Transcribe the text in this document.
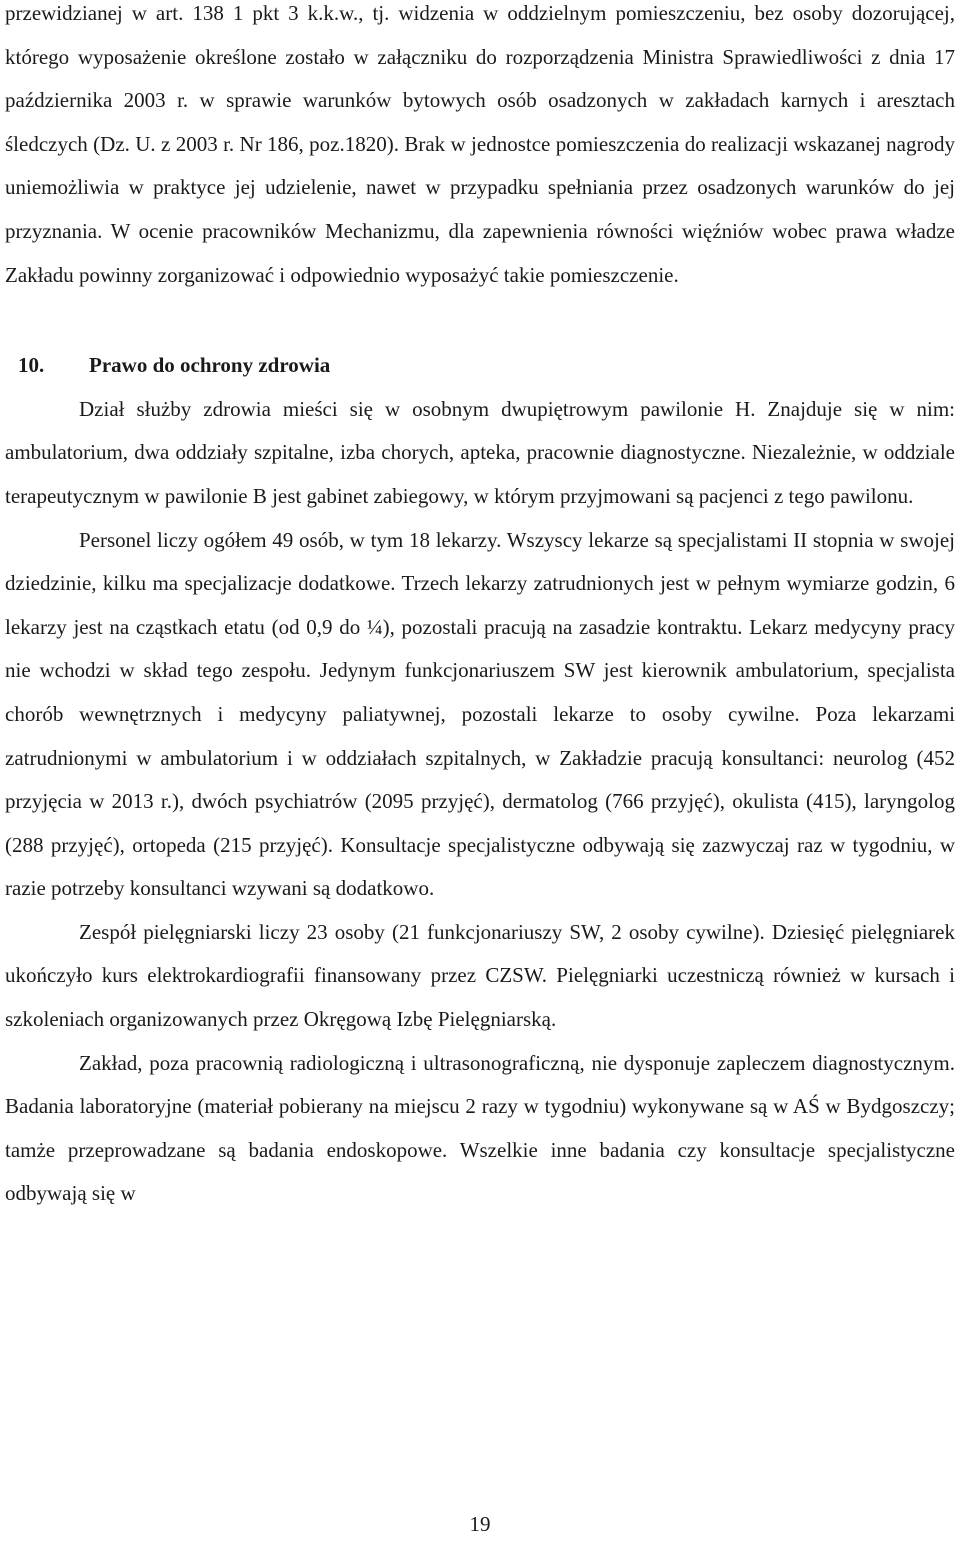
przewidzianej w art. 138 1 pkt 3 k.k.w., tj. widzenia w oddzielnym pomieszczeniu, bez osoby dozorującej, którego wyposażenie określone zostało w załączniku do rozporządzenia Ministra Sprawiedliwości z dnia 17 października 2003 r. w sprawie warunków bytowych osób osadzonych w zakładach karnych i aresztach śledczych (Dz. U. z 2003 r. Nr 186, poz.1820). Brak w jednostce pomieszczenia do realizacji wskazanej nagrody uniemożliwia w praktyce jej udzielenie, nawet w przypadku spełniania przez osadzonych warunków do jej przyznania. W ocenie pracowników Mechanizmu, dla zapewnienia równości więźniów wobec prawa władze Zakładu powinny zorganizować i odpowiednio wyposażyć takie pomieszczenie.

10.	Prawo do ochrony zdrowia

Dział służby zdrowia mieści się w osobnym dwupiętrowym pawilonie H. Znajduje się w nim: ambulatorium, dwa oddziały szpitalne, izba chorych, apteka, pracownie diagnostyczne. Niezależnie, w oddziale terapeutycznym w pawilonie B jest gabinet zabiegowy, w którym przyjmowani są pacjenci z tego pawilonu.

Personel liczy ogółem 49 osób, w tym 18 lekarzy. Wszyscy lekarze są specjalistami II stopnia w swojej dziedzinie, kilku ma specjalizacje dodatkowe. Trzech lekarzy zatrudnionych jest w pełnym wymiarze godzin, 6 lekarzy jest na cząstkach etatu (od 0,9 do ¼), pozostali pracują na zasadzie kontraktu. Lekarz medycyny pracy nie wchodzi w skład tego zespołu. Jedynym funkcjonariuszem SW jest kierownik ambulatorium, specjalista chorób wewnętrznych i medycyny paliatywnej, pozostali lekarze to osoby cywilne. Poza lekarzami zatrudnionymi w ambulatorium i w oddziałach szpitalnych, w Zakładzie pracują konsultanci: neurolog (452 przyjęcia w 2013 r.), dwóch psychiatrów (2095 przyjęć), dermatolog (766 przyjęć), okulista (415), laryngolog (288 przyjęć), ortopeda (215 przyjęć). Konsultacje specjalistyczne odbywają się zazwyczaj raz w tygodniu, w razie potrzeby konsultanci wzywani są dodatkowo.

Zespół pielęgniarski liczy 23 osoby (21 funkcjonariuszy SW, 2 osoby cywilne). Dziesięć pielęgniarek ukończyło kurs elektrokardiografii finansowany przez CZSW. Pielęgniarki uczestniczą również w kursach i szkoleniach organizowanych przez Okręgową Izbę Pielęgniarską.

Zakład, poza pracownią radiologiczną i ultrasonograficzną, nie dysponuje zapleczem diagnostycznym. Badania laboratoryjne (materiał pobierany na miejscu 2 razy w tygodniu) wykonywane są w AŚ w Bydgoszczy; tamże przeprowadzane są badania endoskopowe. Wszelkie inne badania czy konsultacje specjalistyczne odbywają się w

19
